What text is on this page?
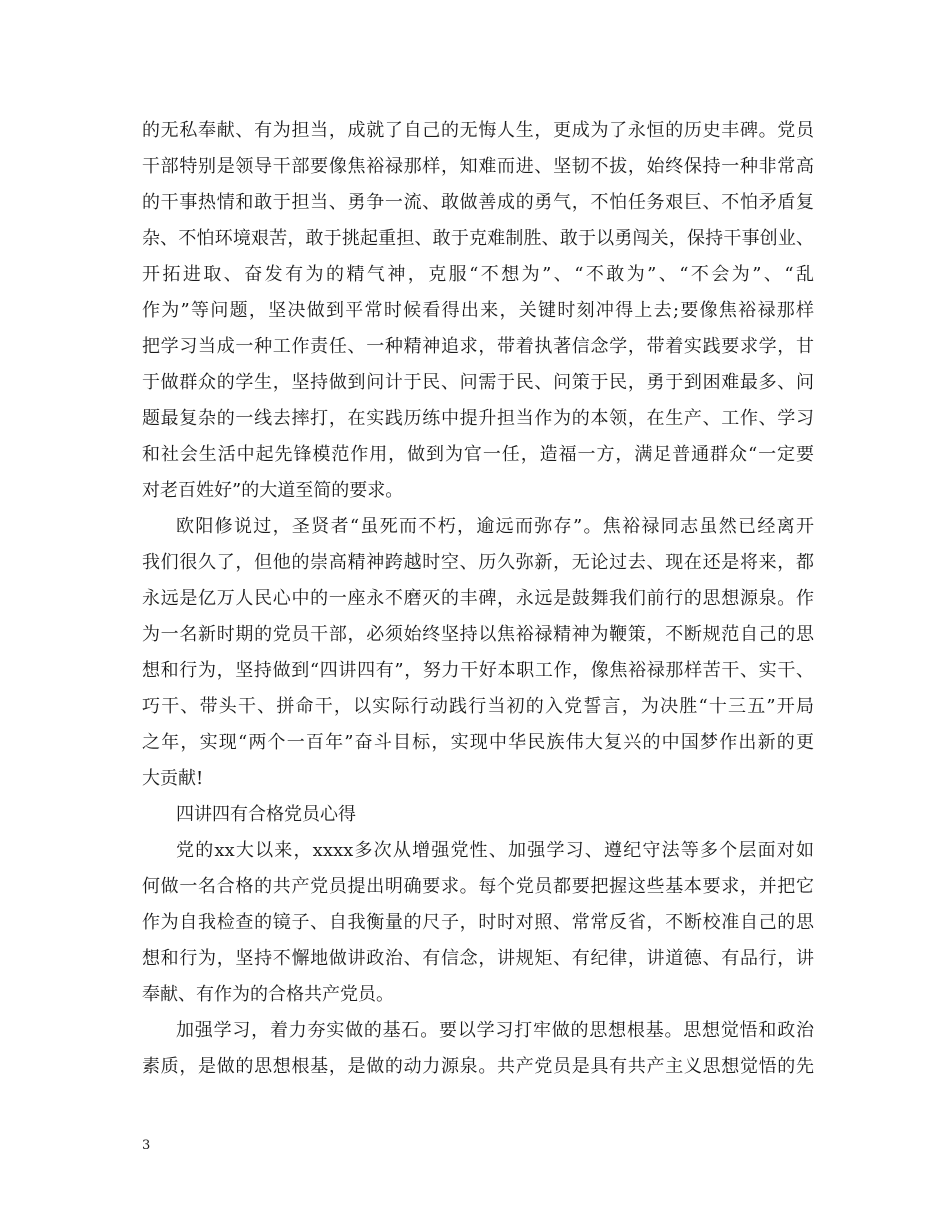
的无私奉献、有为担当，成就了自己的无悔人生，更成为了永恒的历史丰碑。党员
干部特别是领导干部要像焦裕禄那样，知难而进、坚韧不拔，始终保持一种非常高
的干事热情和敢于担当、勇争一流、敢做善成的勇气，不怕任务艰巨、不怕矛盾复
杂、不怕环境艰苦，敢于挑起重担、敢于克难制胜、敢于以勇闯关，保持干事创业、
开拓进取、奋发有为的精气神，克服“不想为”、“不敢为”、“不会为”、“乱
作为”等问题，坚决做到平常时候看得出来，关键时刻冲得上去;要像焦裕禄那样
把学习当成一种工作责任、一种精神追求，带着执著信念学，带着实践要求学，甘
于做群众的学生，坚持做到问计于民、问需于民、问策于民，勇于到困难最多、问
题最复杂的一线去摔打，在实践历练中提升担当作为的本领，在生产、工作、学习
和社会生活中起先锋模范作用，做到为官一任，造福一方，满足普通群众“一定要
对老百姓好”的大道至简的要求。
欧阳修说过，圣贤者“虽死而不朽，逾远而弥存”。焦裕禄同志虽然已经离开
我们很久了，但他的崇高精神跨越时空、历久弥新，无论过去、现在还是将来，都
永远是亿万人民心中的一座永不磨灭的丰碑，永远是鼓舞我们前行的思想源泉。作
为一名新时期的党员干部，必须始终坚持以焦裕禄精神为鞭策，不断规范自己的思
想和行为，坚持做到“四讲四有”，努力干好本职工作，像焦裕禄那样苦干、实干、
巧干、带头干、拼命干，以实际行动践行当初的入党誓言，为决胜“十三五”开局
之年，实现“两个一百年”奋斗目标，实现中华民族伟大复兴的中国梦作出新的更
大贡献!
四讲四有合格党员心得
党的xx大以来，xxxx多次从增强党性、加强学习、遵纪守法等多个层面对如
何做一名合格的共产党员提出明确要求。每个党员都要把握这些基本要求，并把它
作为自我检查的镜子、自我衡量的尺子，时时对照、常常反省，不断校准自己的思
想和行为，坚持不懈地做讲政治、有信念，讲规矩、有纪律，讲道德、有品行，讲
奉献、有作为的合格共产党员。
加强学习，着力夯实做的基石。要以学习打牢做的思想根基。思想觉悟和政治
素质，是做的思想根基，是做的动力源泉。共产党员是具有共产主义思想觉悟的先
3
